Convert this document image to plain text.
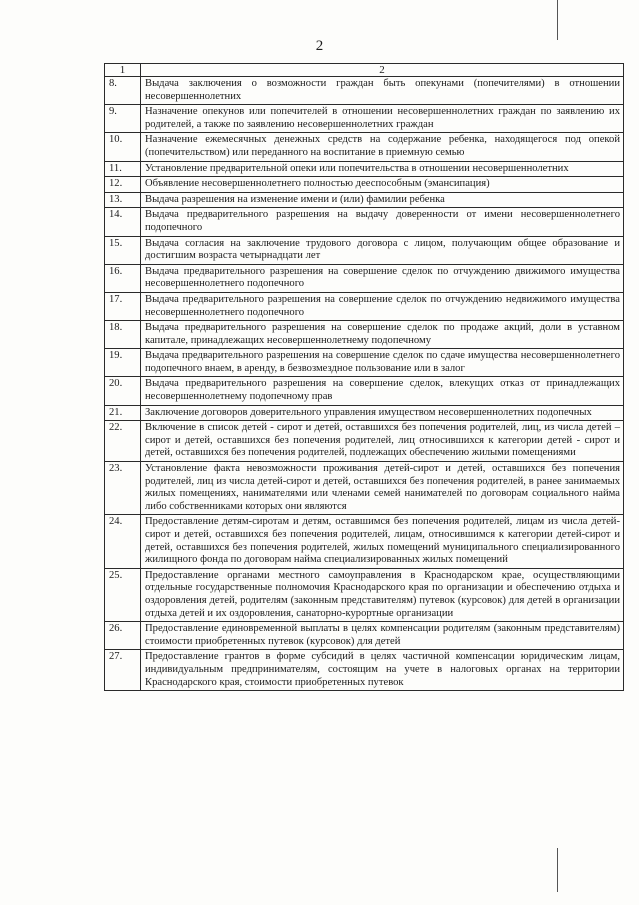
2
1	2
8.	Выдача заключения о возможности граждан быть опекунами (попечителями) в отношении несовершеннолетних
9.	Назначение опекунов или попечителей в отношении несовершеннолетних граждан по заявлению их родителей, а также по заявлению несовершеннолетних граждан
10.	Назначение ежемесячных денежных средств на содержание ребенка, находящегося под опекой (попечительством) или переданного на воспитание в приемную семью
11.	Установление предварительной опеки или попечительства в отношении несовершеннолетних
12.	Объявление несовершеннолетнего полностью дееспособным (эмансипация)
13.	Выдача разрешения на изменение имени и (или) фамилии ребенка
14.	Выдача предварительного разрешения на выдачу доверенности от имени несовершеннолетнего подопечного
15.	Выдача согласия на заключение трудового договора с лицом, получающим общее образование и достигшим возраста четырнадцати лет
16.	Выдача предварительного разрешения на совершение сделок по отчуждению движимого имущества несовершеннолетнего подопечного
17.	Выдача предварительного разрешения на совершение сделок по отчуждению недвижимого имущества несовершеннолетнего подопечного
18.	Выдача предварительного разрешения на совершение сделок по продаже акций, доли в уставном капитале, принадлежащих несовершеннолетнему подопечному
19.	Выдача предварительного разрешения на совершение сделок по сдаче имущества несовершеннолетнего подопечного внаем, в аренду, в безвозмездное пользование или в залог
20.	Выдача предварительного разрешения на совершение сделок, влекущих отказ от принадлежащих несовершеннолетнему подопечному прав
21.	Заключение договоров доверительного управления имуществом несовершеннолетних подопечных
22.	Включение в список детей - сирот и детей, оставшихся без попечения родителей, лиц, из числа детей – сирот и детей, оставшихся без попечения родителей, лиц относившихся к категории детей - сирот и детей, оставшихся без попечения родителей, подлежащих обеспечению жилыми помещениями
23.	Установление факта невозможности проживания детей-сирот и детей, оставшихся без попечения родителей, лиц из числа детей-сирот и детей, оставшихся без попечения родителей, в ранее занимаемых жилых помещениях, нанимателями или членами семей нанимателей по договорам социального найма либо собственниками которых они являются
24.	Предоставление детям-сиротам и детям, оставшимся без попечения родителей, лицам из числа детей-сирот и детей, оставшихся без попечения родителей, лицам, относившимся к категории детей-сирот и детей, оставшихся без попечения родителей, жилых помещений муниципального специализированного жилищного фонда по договорам найма специализированных жилых помещений
25.	Предоставление органами местного самоуправления в Краснодарском крае, осуществляющими отдельные государственные полномочия Краснодарского края по организации и обеспечению отдыха и оздоровления детей, родителям (законным представителям) путевок (курсовок) для детей в организации отдыха детей и их оздоровления, санаторно-курортные организации
26.	Предоставление единовременной выплаты в целях компенсации родителям (законным представителям) стоимости приобретенных путевок (курсовок) для детей
27.	Предоставление грантов в форме субсидий в целях частичной компенсации юридическим лицам, индивидуальным предпринимателям, состоящим на учете в налоговых органах на территории Краснодарского края, стоимости приобретенных путевок
